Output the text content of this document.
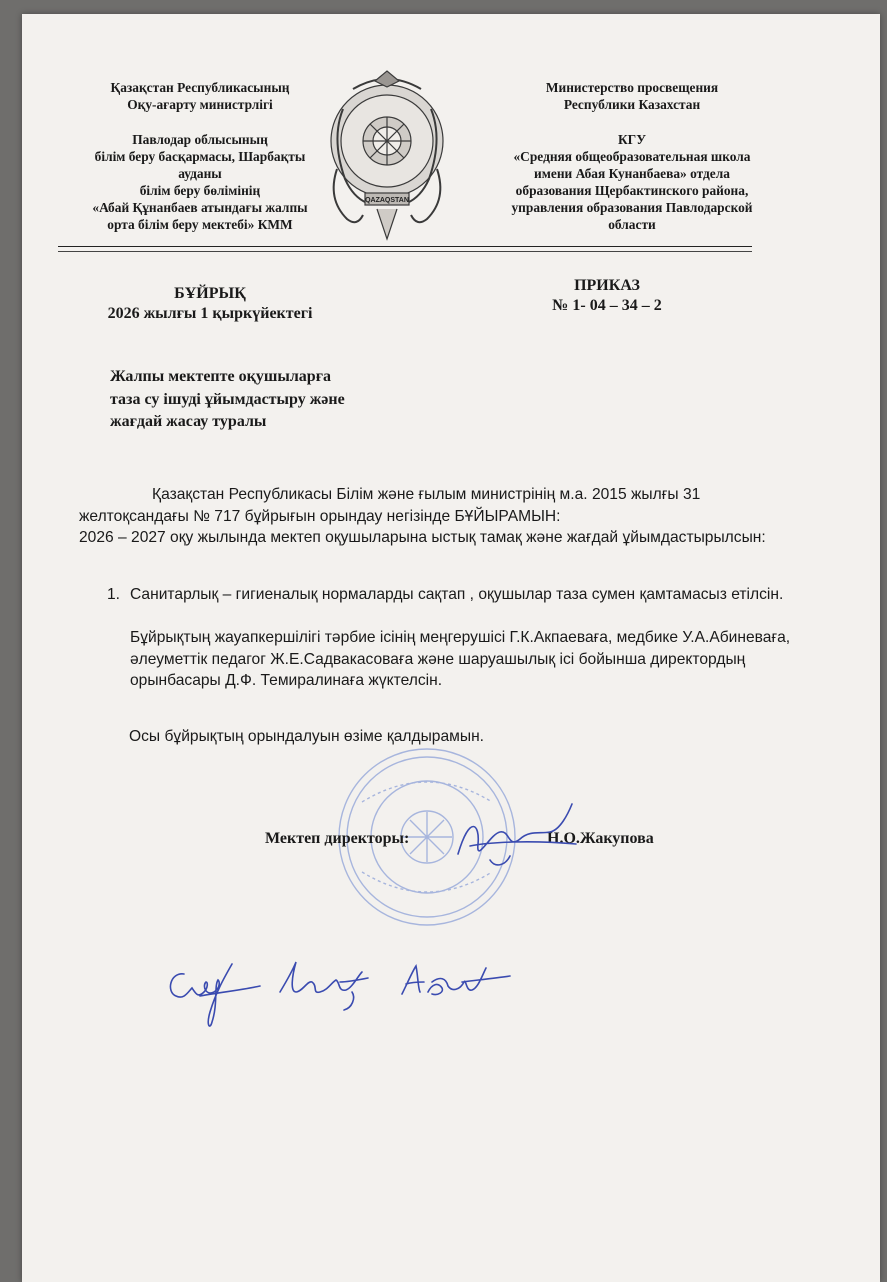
Қазақстан Республикасының
Оқу-ағарту министрлігі
Павлодар облысының
білім беру басқармасы, Шарбақты
ауданы
білім беру бөлімінің
«Абай Құнанбаев атындағы жалпы
орта білім беру мектебі» КММ
QAZAQSTAN
Министерство просвещения
Республики Казахстан
КГУ
«Средняя общеобразовательная школа
имени Абая Кунанбаева» отдела
образования Щербактинского района,
управления образования Павлодарской
области
БҰЙРЫҚ
2026 жылғы 1 қыркүйектегі
ПРИКАЗ
№ 1- 04 – 34 – 2
Жалпы мектепте оқушыларға
таза су ішуді ұйымдастыру және
жағдай жасау туралы
Қазақстан Республикасы Білім және ғылым министрінің м.а. 2015 жылғы 31 желтоқсандағы № 717 бұйрығын орындау негізінде БҰЙЫРАМЫН:
2026 – 2027 оқу жылында мектеп оқушыларына ыстық тамақ және жағдай ұйымдастырылсын:
1. Санитарлық – гигиеналық нормаларды сақтап , оқушылар таза сумен қамтамасыз етілсін.
Бұйрықтың жауапкершілігі тәрбие ісінің меңгерушісі Г.К.Акпаеваға, медбике У.А.Абиневаға, әлеуметтік педагог Ж.Е.Садвакасоваға және шаруашылық ісі бойынша директордың орынбасары Д.Ф. Темиралинаға жүктелсін.
Осы бұйрықтың орындалуын өзіме қалдырамын.
Мектеп директоры:	Н.О.Жакупова
